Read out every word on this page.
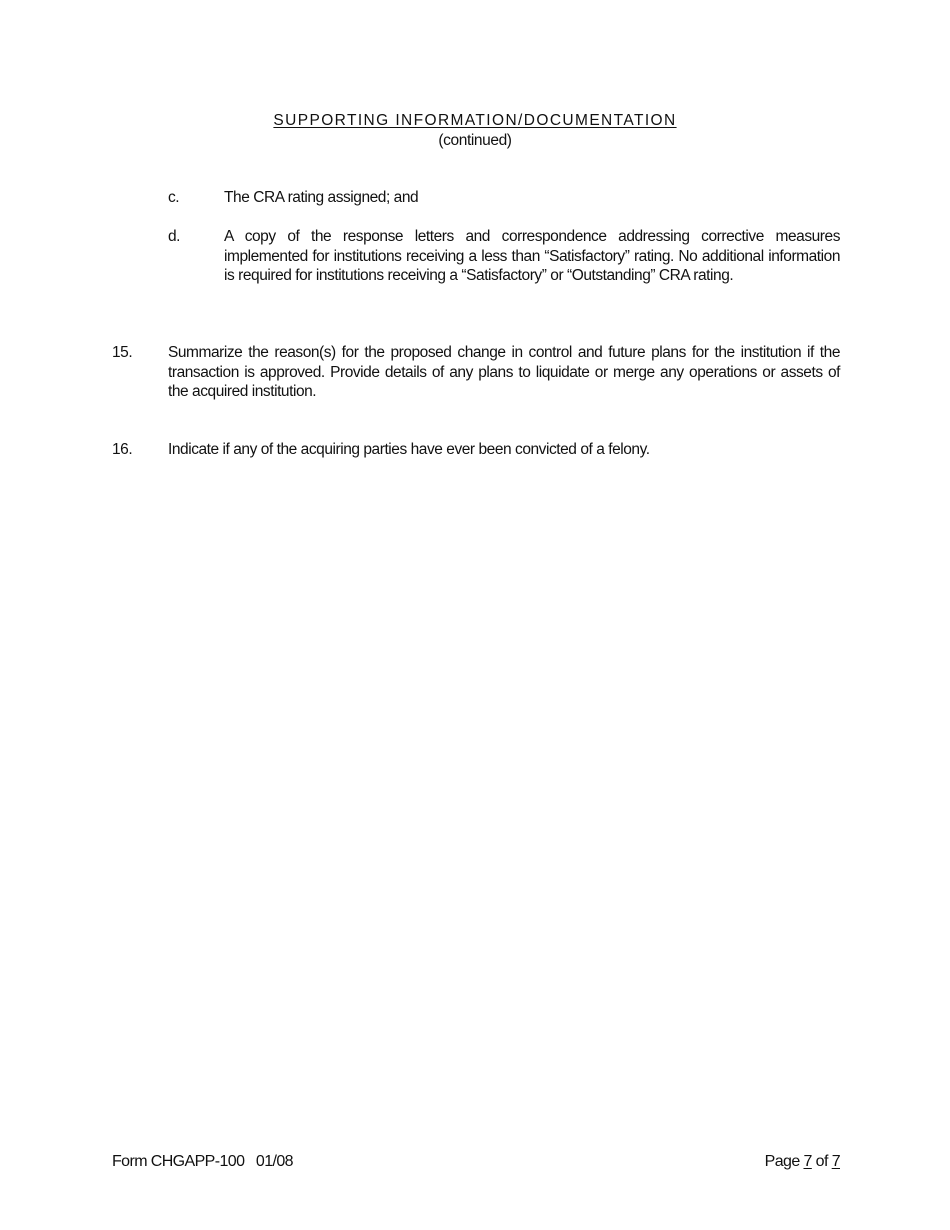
SUPPORTING INFORMATION/DOCUMENTATION
(continued)
c.	The CRA rating assigned; and
d.	A copy of the response letters and correspondence addressing corrective measures implemented for institutions receiving a less than “Satisfactory” rating. No additional information is required for institutions receiving a “Satisfactory” or “Outstanding” CRA rating.
15. Summarize the reason(s) for the proposed change in control and future plans for the institution if the transaction is approved. Provide details of any plans to liquidate or merge any operations or assets of the acquired institution.
16. Indicate if any of the acquiring parties have ever been convicted of a felony.
Form CHGAPP-100   01/08	Page 7 of 7
